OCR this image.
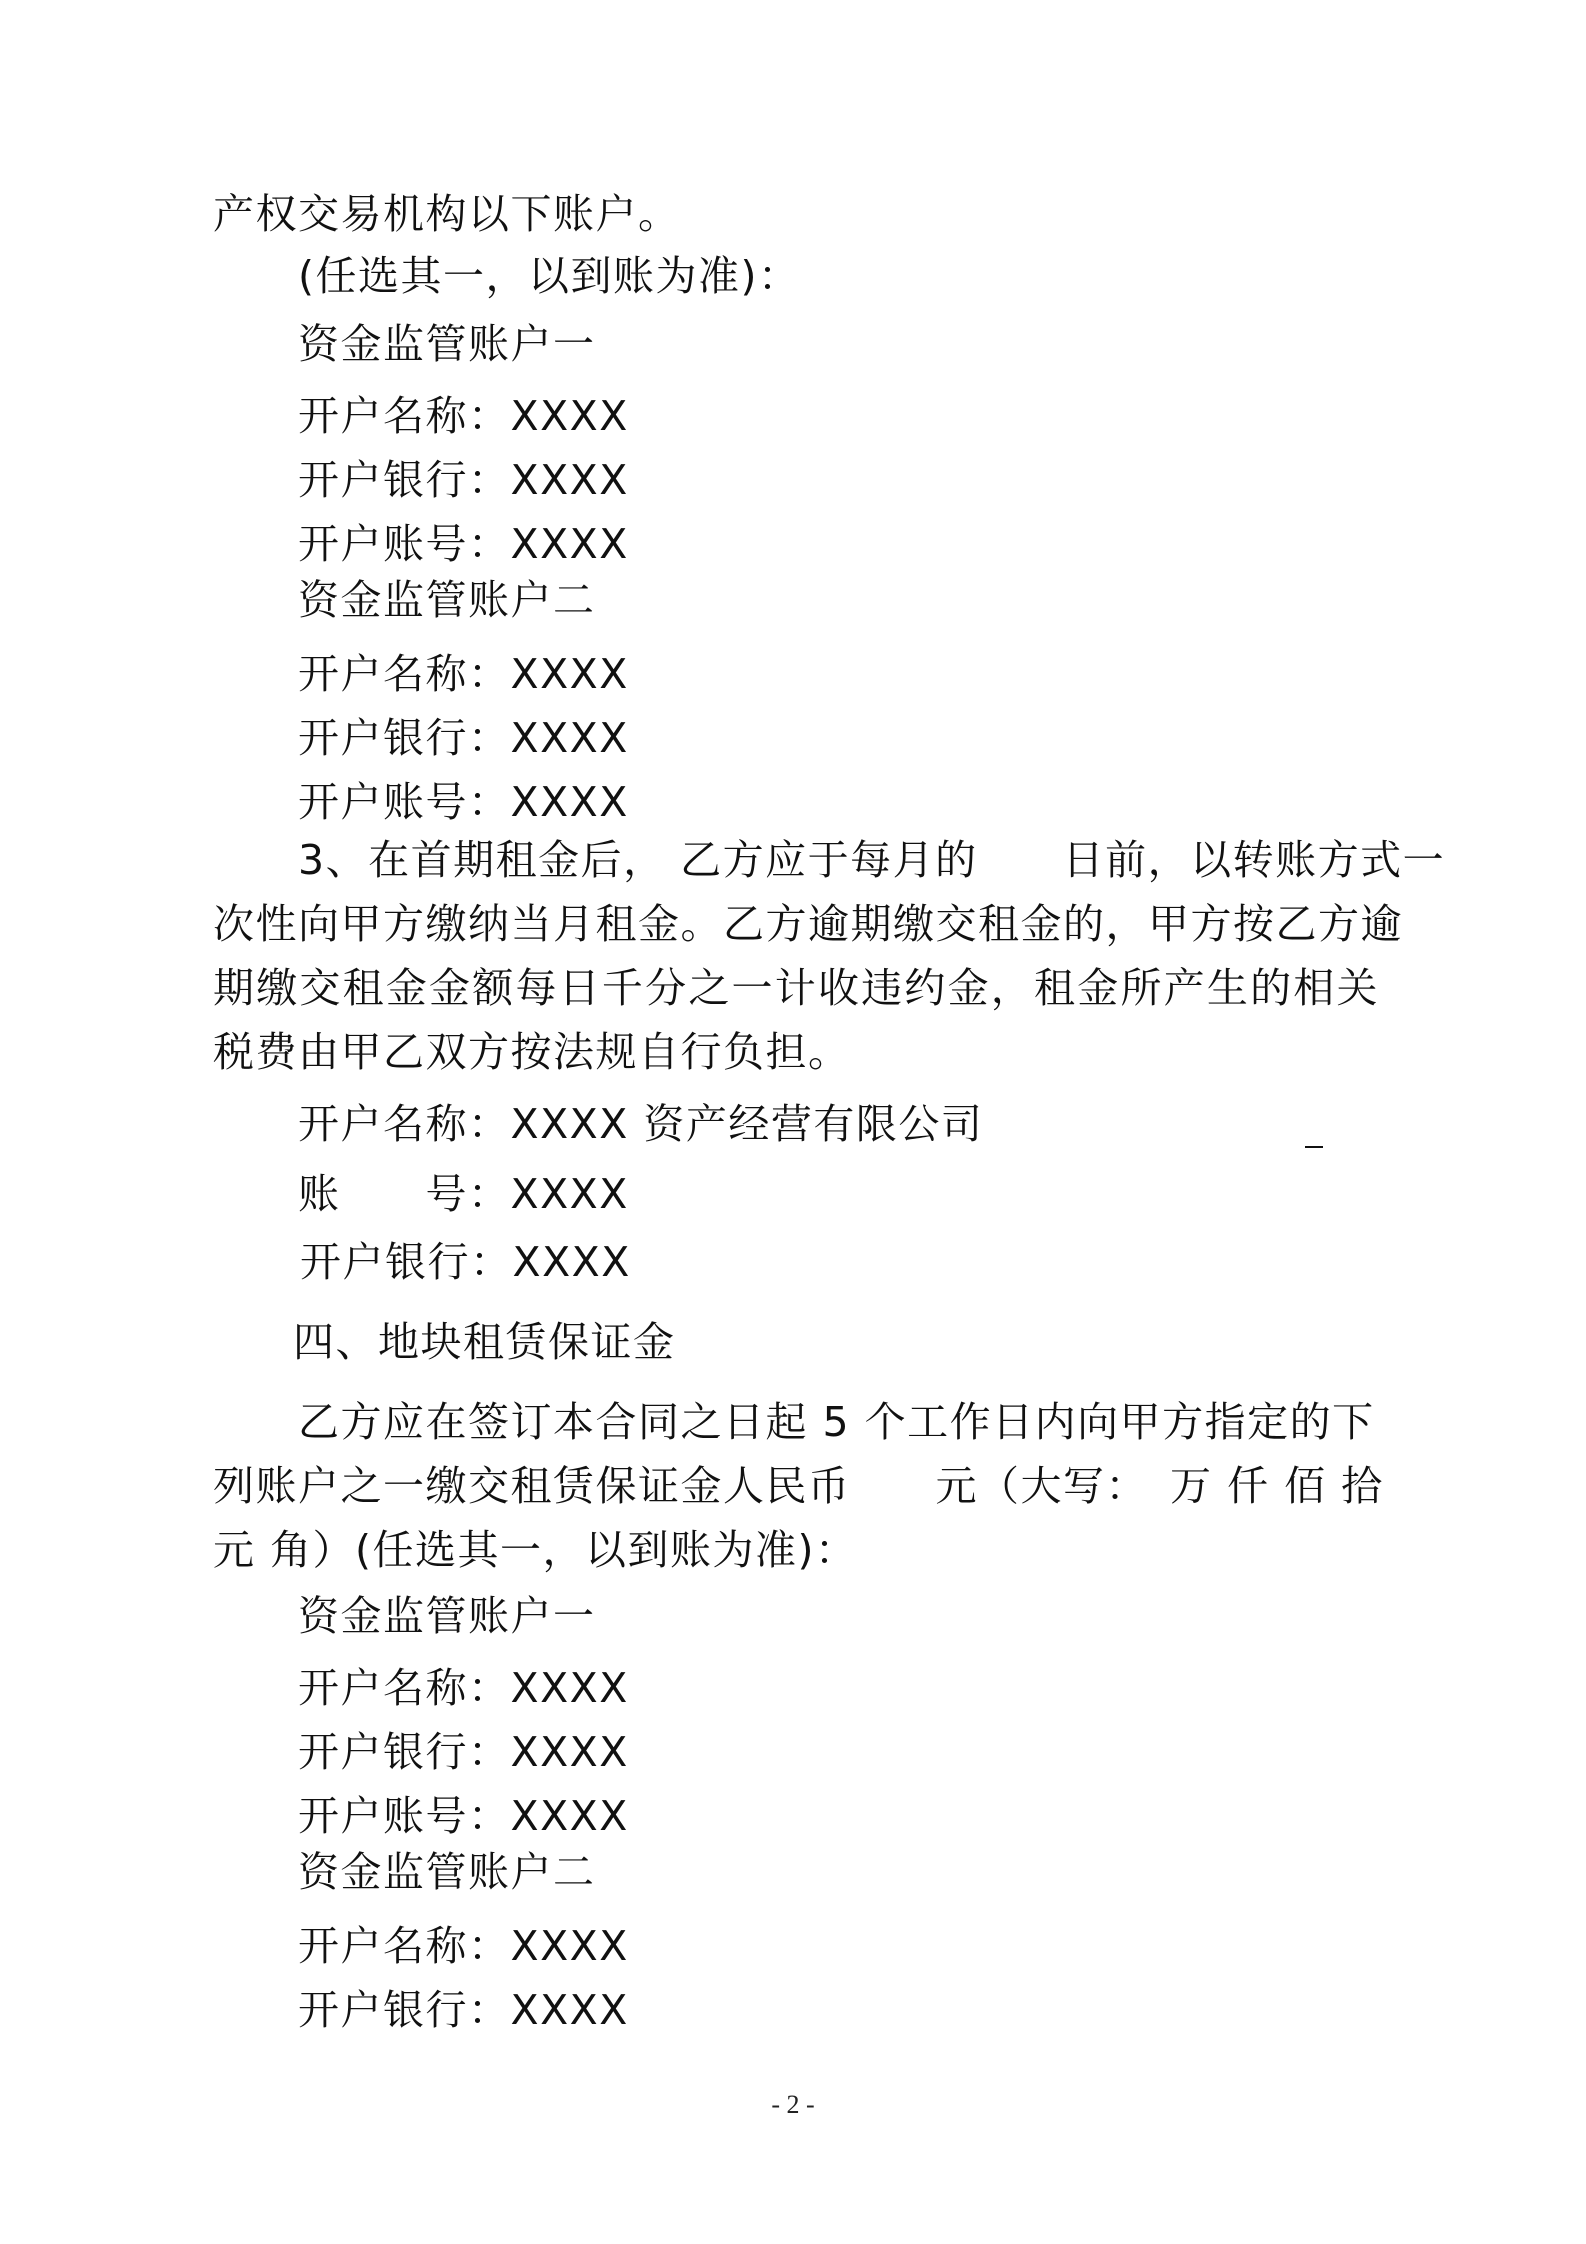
产权交易机构以下账户。
(任选其一，以到账为准)：
资金监管账户一
开户名称：XXXX
开户银行：XXXX
开户账号：XXXX
资金监管账户二
开户名称：XXXX
开户银行：XXXX
开户账号：XXXX
3、在首期租金后， 乙方应于每月的　　日前，以转账方式一
次性向甲方缴纳当月租金。乙方逾期缴交租金的，甲方按乙方逾
期缴交租金金额每日千分之一计收违约金，租金所产生的相关
税费由甲乙双方按法规自行负担。
开户名称：XXXX 资产经营有限公司
账　　号：XXXX
开户银行：XXXX
四、地块租赁保证金
乙方应在签订本合同之日起 5 个工作日内向甲方指定的下
列账户之一缴交租赁保证金人民币　　元（大写：　万 仟 佰 拾
元 角）(任选其一，以到账为准)：
资金监管账户一
开户名称：XXXX
开户银行：XXXX
开户账号：XXXX
资金监管账户二
开户名称：XXXX
开户银行：XXXX
- 2 -
